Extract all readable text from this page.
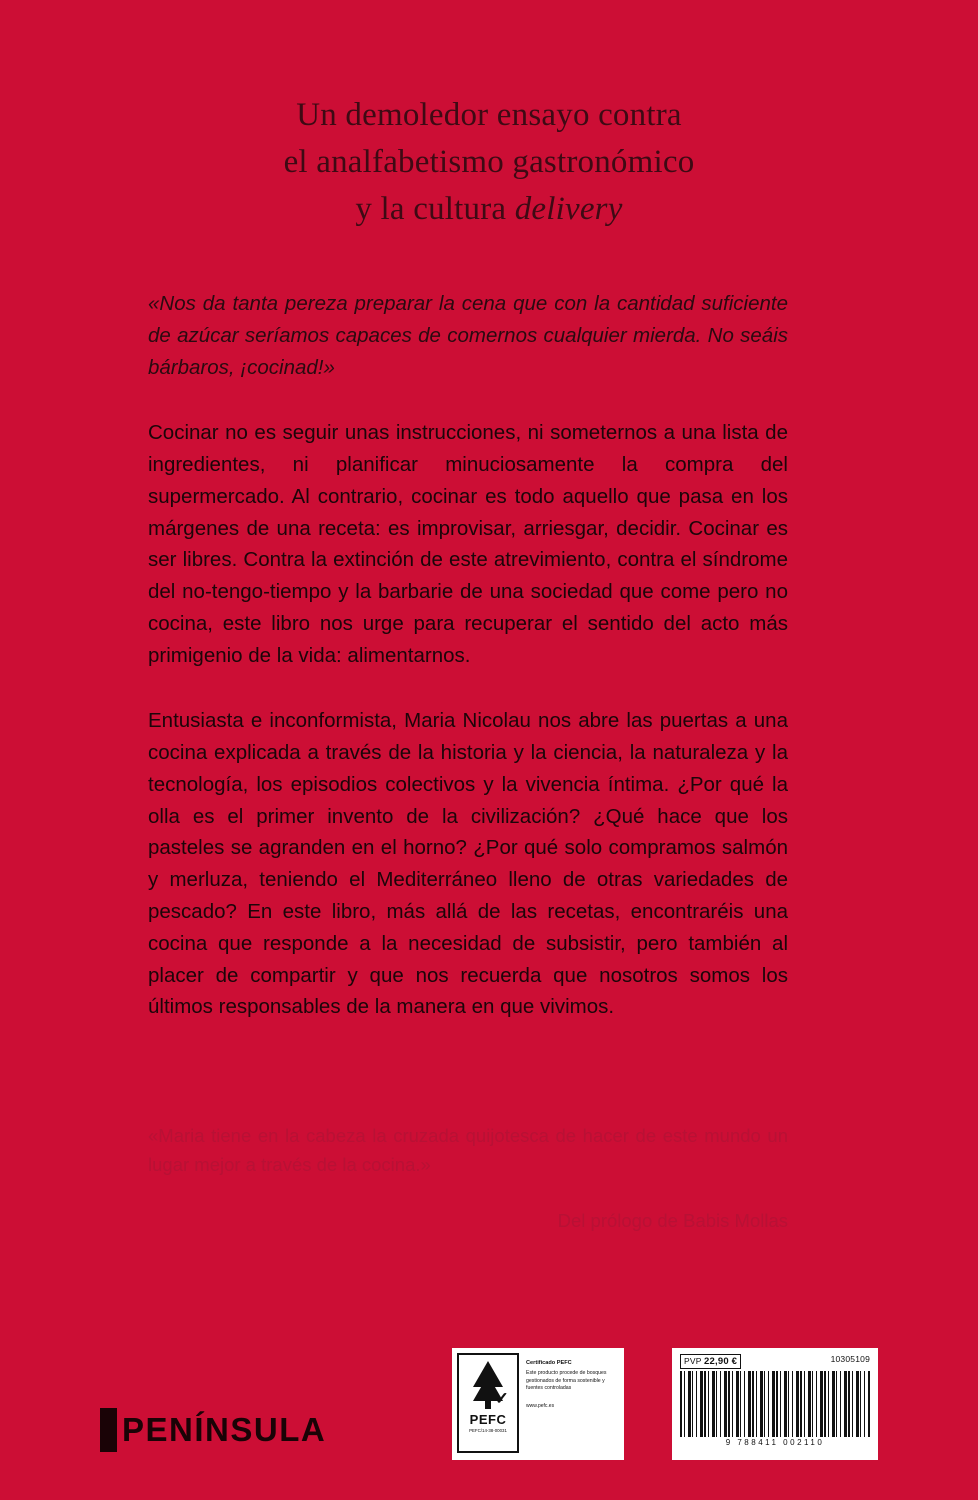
Un demoledor ensayo contra
el analfabetismo gastronómico
y la cultura delivery

«Nos da tanta pereza preparar la cena que con la cantidad suficiente de azúcar seríamos capaces de comernos cualquier mierda. No seáis bárbaros, ¡cocinad!»

Cocinar no es seguir unas instrucciones, ni someternos a una lista de ingredientes, ni planificar minuciosamente la compra del supermercado. Al contrario, cocinar es todo aquello que pasa en los márgenes de una receta: es improvisar, arriesgar, decidir. Cocinar es ser libres. Contra la extinción de este atrevimiento, contra el síndrome del no-tengo-tiempo y la barbarie de una sociedad que come pero no cocina, este libro nos urge para recuperar el sentido del acto más primigenio de la vida: alimentarnos.

Entusiasta e inconformista, Maria Nicolau nos abre las puertas a una cocina explicada a través de la historia y la ciencia, la naturaleza y la tecnología, los episodios colectivos y la vivencia íntima. ¿Por qué la olla es el primer invento de la civilización? ¿Qué hace que los pasteles se agranden en el horno? ¿Por qué solo compramos salmón y merluza, teniendo el Mediterráneo lleno de otras variedades de pescado? En este libro, más allá de las recetas, encontraréis una cocina que responde a la necesidad de subsistir, pero también al placer de compartir y que nos recuerda que nosotros somos los últimos responsables de la manera en que vivimos.

«Maria tiene en la cabeza la cruzada quijotesca de hacer de este mundo un lugar mejor a través de la cocina.»
Del prólogo de Babis Mollas
PENÍNSULA
✓
PEFC
PEFC/14-38-00031
Certificado PEFC
Este producto procede de bosques gestionados de forma sostenible y fuentes controladas
www.pefc.es
PVP 22,90 €	10305109
9 788411 002110
